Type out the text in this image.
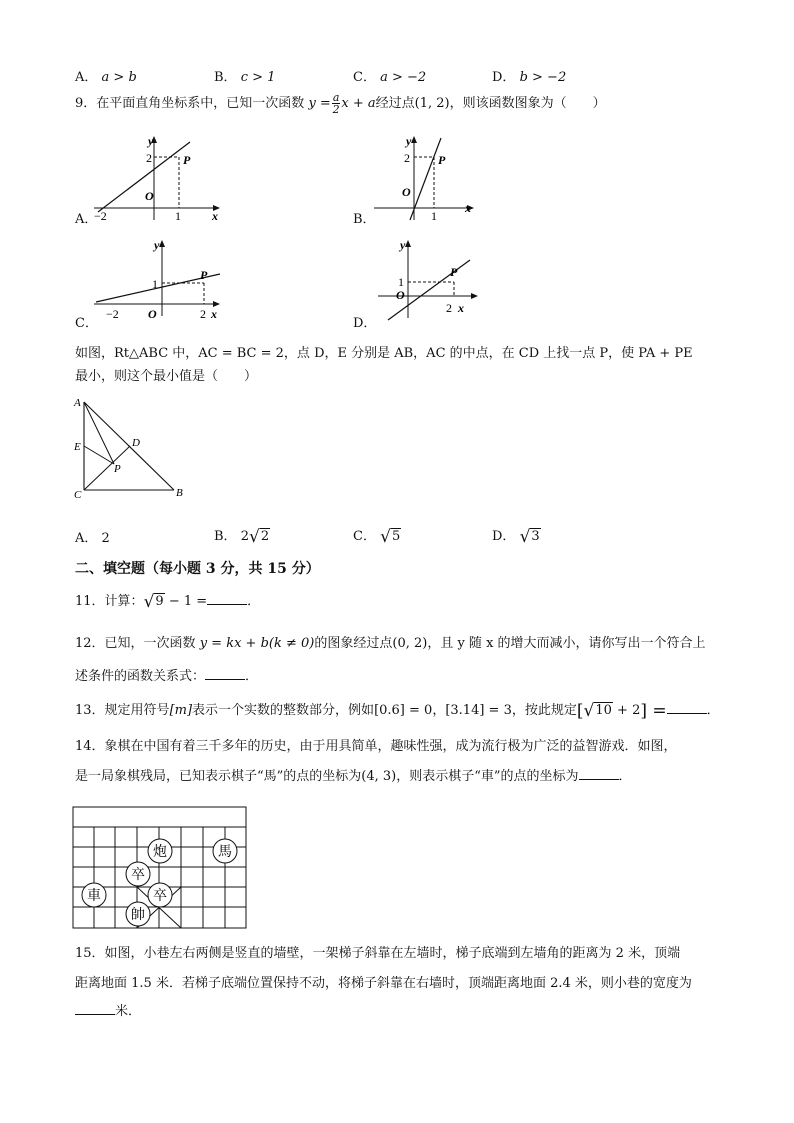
A． a > b	B． c > 1	C． a > −2	D． b > −2
9．在平面直角坐标系中，已知一次函数 $y = \frac{a}{2}$ x + a经过点(1, 2)，则该函数图象为（　　）
y
2	P
O
−2	1	x
A．
y
2 P
O
1
x
B．
y
1
P
O
−2	2 x
C．
y
1
P
O
2 x
D．
如图，Rt△ABC 中，AC = BC = 2，点 D，E 分别是 AB，AC 的中点，在 CD 上找一点 P，使 PA + PE
最小，则这个最小值是（　　）
A
D
E
P
C	B
A． 2	B． 2√2	C． √5	D． √3
二、填空题（每小题 3 分，共 15 分）
11．计算：√9 − 1 =	．
12．已知，一次函数 y = kx + b(k ≠ 0)的图象经过点(0, 2)，且 y 随 x 的增大而减小，请你写出一个符合上
述条件的函数关系式：	．
13．规定用符号[m]表示一个实数的整数部分，例如[0.6] = 0，[3.14] = 3，按此规定[√10 + 2] =	．
14．象棋在中国有着三千多年的历史，由于用具简单，趣味性强，成为流行极为广泛的益智游戏．如图，
是一局象棋残局，已知表示棋子“馬”的点的坐标为(4, 3)，则表示棋子“車”的点的坐标为	．
炮	馬
卒
車	卒
帥
15．如图，小巷左右两侧是竖直的墙壁，一架梯子斜靠在左墙时，梯子底端到左墙角的距离为 2 米，顶端
距离地面 1.5 米．若梯子底端位置保持不动，将梯子斜靠在右墙时，顶端距离地面 2.4 米，则小巷的宽度为
米．
